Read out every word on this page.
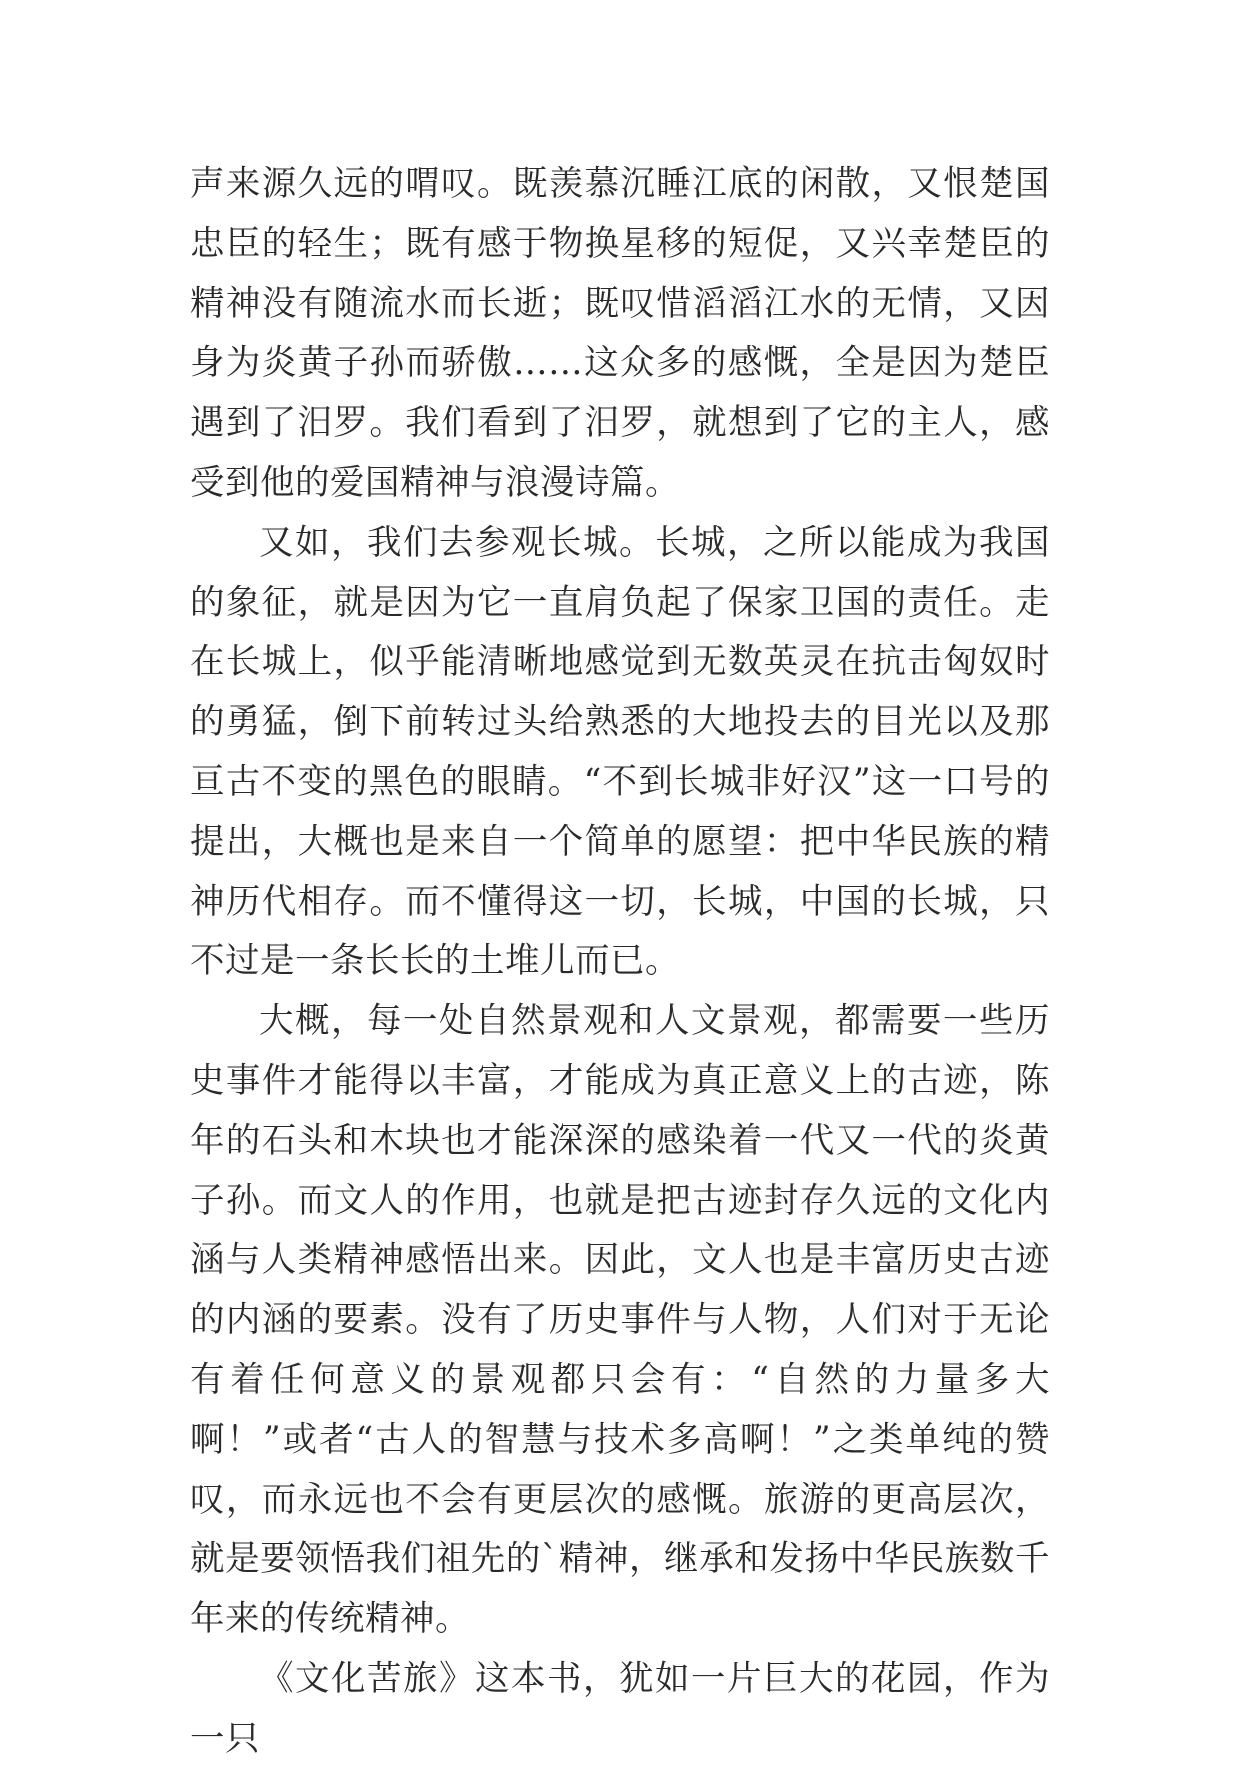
声来源久远的喟叹。既羡慕沉睡江底的闲散，又恨楚国忠臣的轻生；既有感于物换星移的短促，又兴幸楚臣的精神没有随流水而长逝；既叹惜滔滔江水的无情，又因身为炎黄子孙而骄傲……这众多的感慨，全是因为楚臣遇到了汨罗。我们看到了汨罗，就想到了它的主人，感受到他的爱国精神与浪漫诗篇。

又如，我们去参观长城。长城，之所以能成为我国的象征，就是因为它一直肩负起了保家卫国的责任。走在长城上，似乎能清晰地感觉到无数英灵在抗击匈奴时的勇猛，倒下前转过头给熟悉的大地投去的目光以及那亘古不变的黑色的眼睛。“不到长城非好汉”这一口号的提出，大概也是来自一个简单的愿望：把中华民族的精神历代相存。而不懂得这一切，长城，中国的长城，只不过是一条长长的土堆儿而已。

大概，每一处自然景观和人文景观，都需要一些历史事件才能得以丰富，才能成为真正意义上的古迹，陈年的石头和木块也才能深深的感染着一代又一代的炎黄子孙。而文人的作用，也就是把古迹封存久远的文化内涵与人类精神感悟出来。因此，文人也是丰富历史古迹的内涵的要素。没有了历史事件与人物，人们对于无论有着任何意义的景观都只会有：“自然的力量多大啊！”或者“古人的智慧与技术多高啊！”之类单纯的赞叹，而永远也不会有更层次的感慨。旅游的更高层次，就是要领悟我们祖先的`精神，继承和发扬中华民族数千年来的传统精神。

《文化苦旅》这本书，犹如一片巨大的花园，作为一只
